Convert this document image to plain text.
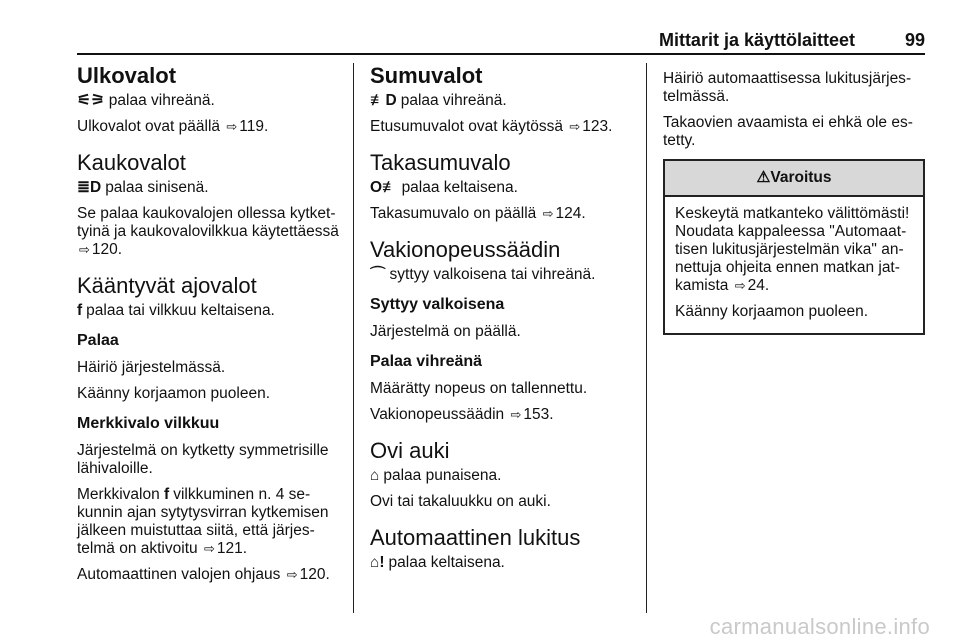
Mittarit ja käyttölaitteet	99
Ulkovalot
⚟⚞ palaa vihreänä.
Ulkovalot ovat päällä ⇨ 119.
Kaukovalot
≣D palaa sinisenä.
Se palaa kaukovalojen ollessa kytkettyinä ja kaukovalovilkkua käytettäessä ⇨ 120.
Kääntyvät ajovalot
f palaa tai vilkkuu keltaisena.
Palaa
Häiriö järjestelmässä.
Käänny korjaamon puoleen.
Merkkivalo vilkkuu
Järjestelmä on kytketty symmetrisille lähivaloille.
Merkkivalon f vilkkuminen n. 4 sekunnin ajan sytytysvirran kytkemisen jälkeen muistuttaa siitä, että järjestelmä on aktivoitu ⇨ 121.
Automaattinen valojen ohjaus ⇨ 120.
Sumuvalot
≢D palaa vihreänä.
Etusumuvalot ovat käytössä ⇨ 123.
Takasumuvalo
O≢ palaa keltaisena.
Takasumuvalo on päällä ⇨ 124.
Vakionopeussäädin
⌒ syttyy valkoisena tai vihreänä.
Syttyy valkoisena
Järjestelmä on päällä.
Palaa vihreänä
Määrätty nopeus on tallennettu.
Vakionopeussäädin ⇨ 153.
Ovi auki
⌂ palaa punaisena.
Ovi tai takaluukku on auki.
Automaattinen lukitus
⌂! palaa keltaisena.
Häiriö automaattisessa lukitusjärjestelmässä.
Takaovien avaamista ei ehkä ole estetty.
⚠Varoitus
Keskeytä matkanteko välittömästi! Noudata kappaleessa "Automaattisen lukitusjärjestelmän vika" annettuja ohjeita ennen matkan jatkamista ⇨ 24.
Käänny korjaamon puoleen.
carmanualsonline.info
